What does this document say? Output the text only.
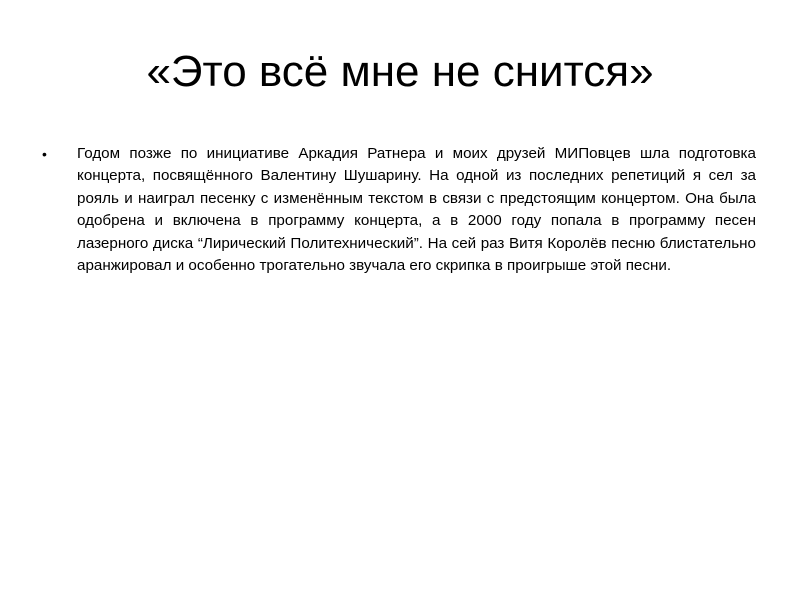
«Это всё мне не снится»
• Годом позже по инициативе Аркадия Ратнера и моих друзей МИПовцев шла подготовка концерта, посвящённого Валентину Шушарину. На одной из последних репетиций я сел за рояль и наиграл песенку с изменённым текстом в связи с предстоящим концертом. Она была одобрена и включена в программу концерта, а в 2000 году попала в программу песен лазерного диска “Лирический Политехнический”. На сей раз Витя Королёв песню блистательно аранжировал и особенно трогательно звучала его скрипка в проигрыше этой песни.
